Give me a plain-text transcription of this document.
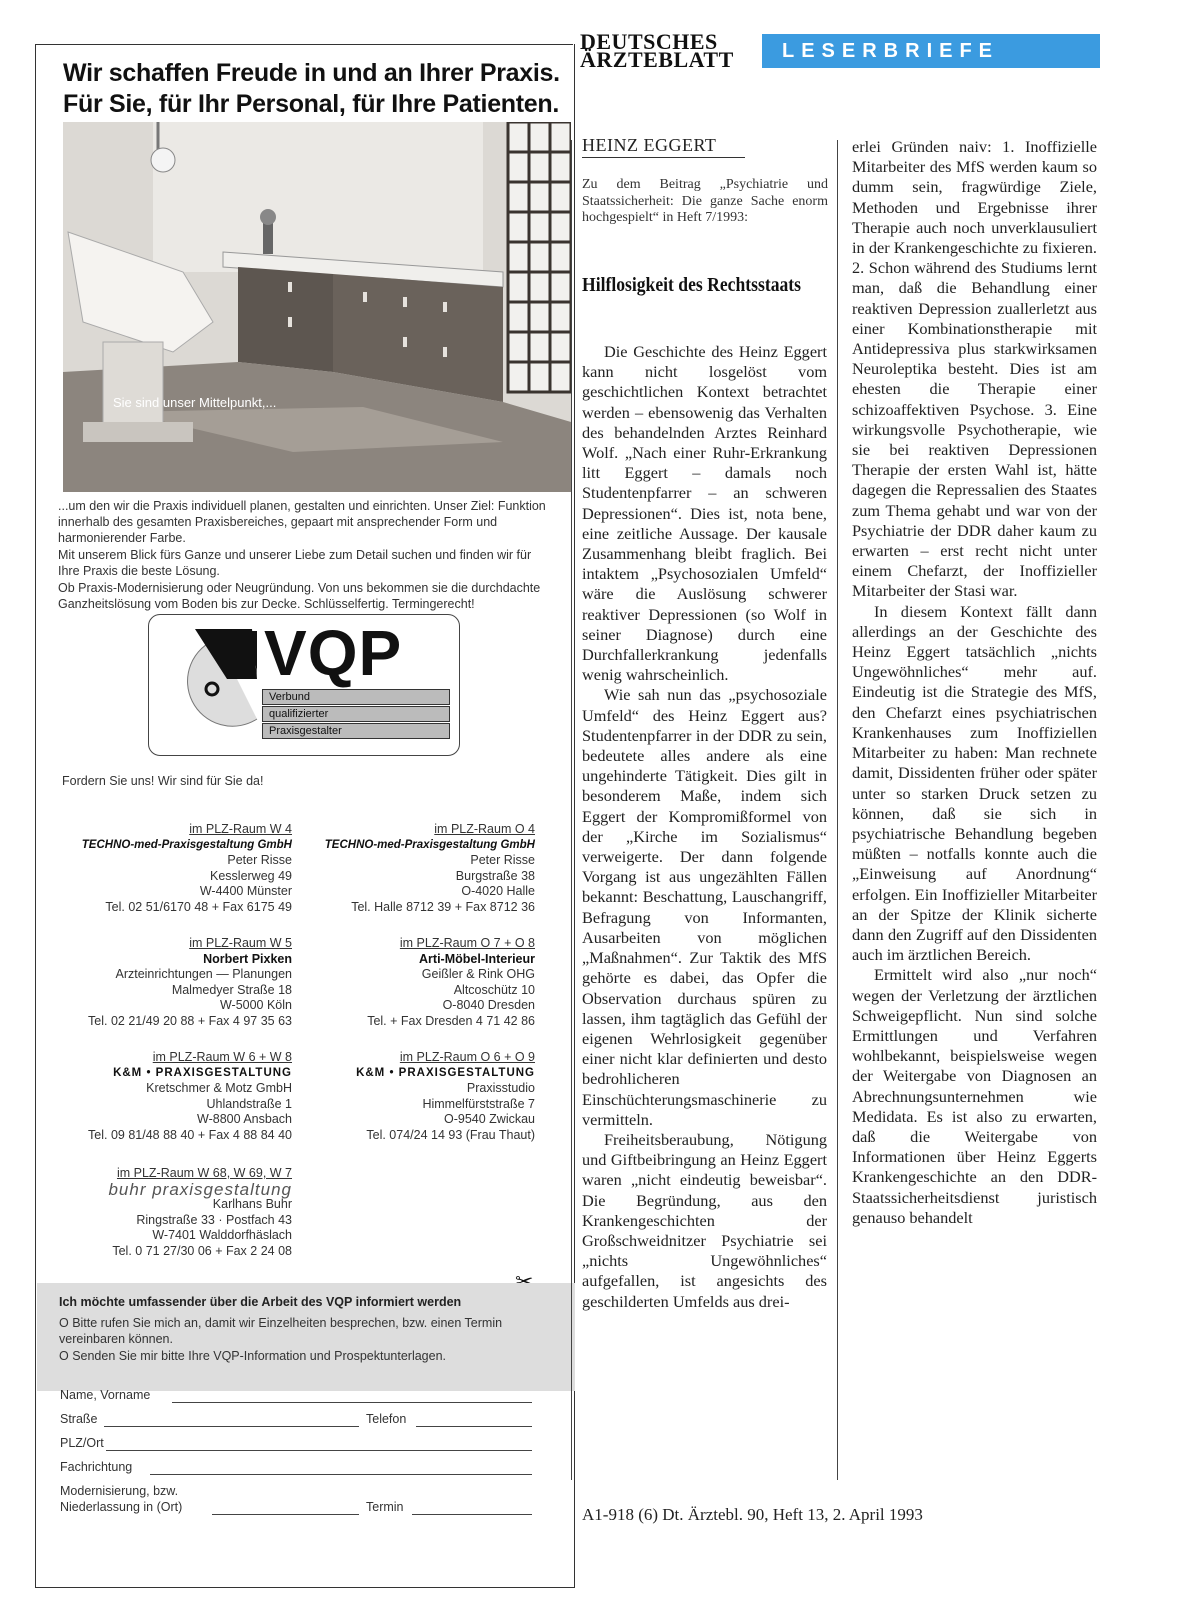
Wir schaffen Freude in und an Ihrer Praxis.
Für Sie, für Ihr Personal, für Ihre Patienten.
Sie sind unser Mittelpunkt,...

...um den wir die Praxis individuell planen, gestalten und einrichten. Unser Ziel: Funktion innerhalb des gesamten Praxisbereiches, gepaart mit ansprechender Form und harmonierender Farbe.

Mit unserem Blick fürs Ganze und unserer Liebe zum Detail suchen und finden wir für Ihre Praxis die beste Lösung.

Ob Praxis-Modernisierung oder Neugründung. Von uns bekommen sie die durchdachte Ganzheitslösung vom Boden bis zur Decke. Schlüsselfertig. Termingerecht!

VQP
Verbund
qualifizierter
Praxisgestalter
Fordern Sie uns! Wir sind für Sie da!
im PLZ-Raum W 4
TECHNO-med-Praxisgestaltung GmbH
Peter Risse
Kesslerweg 49
W-4400 Münster
Tel. 02 51/6170 48 + Fax 6175 49
im PLZ-Raum O 4
TECHNO-med-Praxisgestaltung GmbH
Peter Risse
Burgstraße 38
O-4020 Halle
Tel. Halle 8712 39 + Fax 8712 36
im PLZ-Raum W 5
Norbert Pixken
Arzteinrichtungen — Planungen
Malmedyer Straße 18
W-5000 Köln
Tel. 02 21/49 20 88 + Fax 4 97 35 63
im PLZ-Raum O 7 + O 8
Arti-Möbel-Interieur
Geißler & Rink OHG
Altcoschütz 10
O-8040 Dresden
Tel. + Fax Dresden 4 71 42 86
im PLZ-Raum W 6 + W 8
K&M • PRAXISGESTALTUNG
Kretschmer & Motz GmbH
Uhlandstraße 1
W-8800 Ansbach
Tel. 09 81/48 88 40 + Fax 4 88 84 40
im PLZ-Raum O 6 + O 9
K&M • PRAXISGESTALTUNG
Praxisstudio
Himmelfürststraße 7
O-9540 Zwickau
Tel. 074/24 14 93 (Frau Thaut)
im PLZ-Raum W 68, W 69, W 7
buhr praxisgestaltung
Karlhans Buhr
Ringstraße 33 · Postfach 43
W-7401 Walddorfhäslach
Tel. 0 71 27/30 06 + Fax 2 24 08
Ich möchte umfassender über die Arbeit des VQP informiert werden
O Bitte rufen Sie mich an, damit wir Einzelheiten besprechen, bzw. einen Termin vereinbaren können.
O Senden Sie mir bitte Ihre VQP-Information und Prospektunterlagen.
Name, Vorname
Straße	Telefon
PLZ/Ort
Fachrichtung
Modernisierung, bzw.
Niederlassung in (Ort)	Termin
DEUTSCHES
ÄRZTEBLATT	LESERBRIEFE
HEINZ EGGERT
Zu dem Beitrag „Psychiatrie und Staatssicherheit: Die ganze Sache enorm hochgespielt“ in Heft 7/1993:
Hilflosigkeit des Rechtsstaats

Die Geschichte des Heinz Eggert kann nicht losgelöst vom geschichtlichen Kontext betrachtet werden – ebensowenig das Verhalten des behandelnden Arztes Reinhard Wolf. „Nach einer Ruhr-Erkrankung litt Eggert – damals noch Studentenpfarrer – an schweren Depressionen“. Dies ist, nota bene, eine zeitliche Aussage. Der kausale Zusammenhang bleibt fraglich. Bei intaktem „Psychosozialen Umfeld“ wäre die Auslösung schwerer reaktiver Depressionen (so Wolf in seiner Diagnose) durch eine Durchfallerkrankung jedenfalls wenig wahrscheinlich.

Wie sah nun das „psychosoziale Umfeld“ des Heinz Eggert aus? Studentenpfarrer in der DDR zu sein, bedeutete alles andere als eine ungehinderte Tätigkeit. Dies gilt in besonderem Maße, indem sich Eggert der Kompromißformel von der „Kirche im Sozialismus“ verweigerte. Der dann folgende Vorgang ist aus ungezählten Fällen bekannt: Beschattung, Lauschangriff, Befragung von Informanten, Ausarbeiten von möglichen „Maßnahmen“. Zur Taktik des MfS gehörte es dabei, das Opfer die Observation durchaus spüren zu lassen, ihm tagtäglich das Gefühl der eigenen Wehrlosigkeit gegenüber einer nicht klar definierten und desto bedrohlicheren Einschüchterungsmaschinerie zu vermitteln.

Freiheitsberaubung, Nötigung und Giftbeibringung an Heinz Eggert waren „nicht eindeutig beweisbar“. Die Begründung, aus den Krankengeschichten der Großschweidnitzer Psychiatrie sei „nichts Ungewöhnliches“ aufgefallen, ist angesichts des geschilderten Umfelds aus drei-

erlei Gründen naiv: 1. Inoffizielle Mitarbeiter des MfS werden kaum so dumm sein, fragwürdige Ziele, Methoden und Ergebnisse ihrer Therapie auch noch unverklausuliert in der Krankengeschichte zu fixieren. 2. Schon während des Studiums lernt man, daß die Behandlung einer reaktiven Depression zuallerletzt aus einer Kombinationstherapie mit Antidepressiva plus starkwirksamen Neuroleptika besteht. Dies ist am ehesten die Therapie einer schizoaffektiven Psychose. 3. Eine wirkungsvolle Psychotherapie, wie sie bei reaktiven Depressionen Therapie der ersten Wahl ist, hätte dagegen die Repressalien des Staates zum Thema gehabt und war von der Psychiatrie der DDR daher kaum zu erwarten – erst recht nicht unter einem Chefarzt, der Inoffizieller Mitarbeiter der Stasi war.

In diesem Kontext fällt dann allerdings an der Geschichte des Heinz Eggert tatsächlich „nichts Ungewöhnliches“ mehr auf. Eindeutig ist die Strategie des MfS, den Chefarzt eines psychiatrischen Krankenhauses zum Inoffiziellen Mitarbeiter zu haben: Man rechnete damit, Dissidenten früher oder später unter so starken Druck setzen zu können, daß sie sich in psychiatrische Behandlung begeben müßten – notfalls konnte auch die „Einweisung auf Anordnung“ erfolgen. Ein Inoffizieller Mitarbeiter an der Spitze der Klinik sicherte dann den Zugriff auf den Dissidenten auch im ärztlichen Bereich.

Ermittelt wird also „nur noch“ wegen der Verletzung der ärztlichen Schweigepflicht. Nun sind solche Ermittlungen und Verfahren wohlbekannt, beispielsweise wegen der Weitergabe von Diagnosen an Abrechnungsunternehmen wie Medidata. Es ist also zu erwarten, daß die Weitergabe von Informationen über Heinz Eggerts Krankengeschichte an den DDR-Staatssicherheitsdienst juristisch genauso behandelt

A1-918 (6) Dt. Ärztebl. 90, Heft 13, 2. April 1993
